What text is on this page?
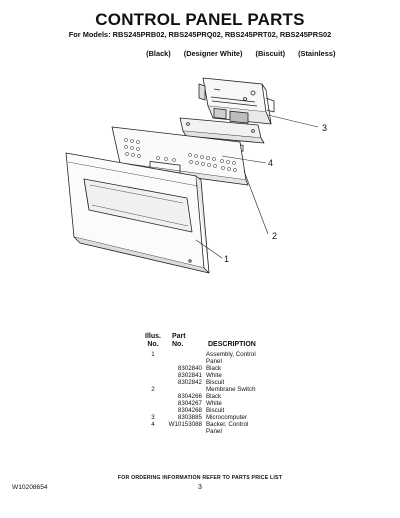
CONTROL PANEL PARTS
For Models: RBS245PRB02, RBS245PRQ02, RBS245PRT02, RBS245PRS02

(Black) (Designer White) (Biscuit) (Stainless)

3
4
2
1
Illus.
No.	Part
No.	DESCRIPTION

1		Assembly, Control
		Panel
	8302840	Black
	8302841	White
	8302842	Biscuit
2		Membrane Switch
	8304266	Black
	8304267	White
	8304268	Biscuit
3	8303885	Microcomputer
4	W10153088	Backer, Control
		Panel
FOR ORDERING INFORMATION REFER TO PARTS PRICE LIST
W10208654	3
